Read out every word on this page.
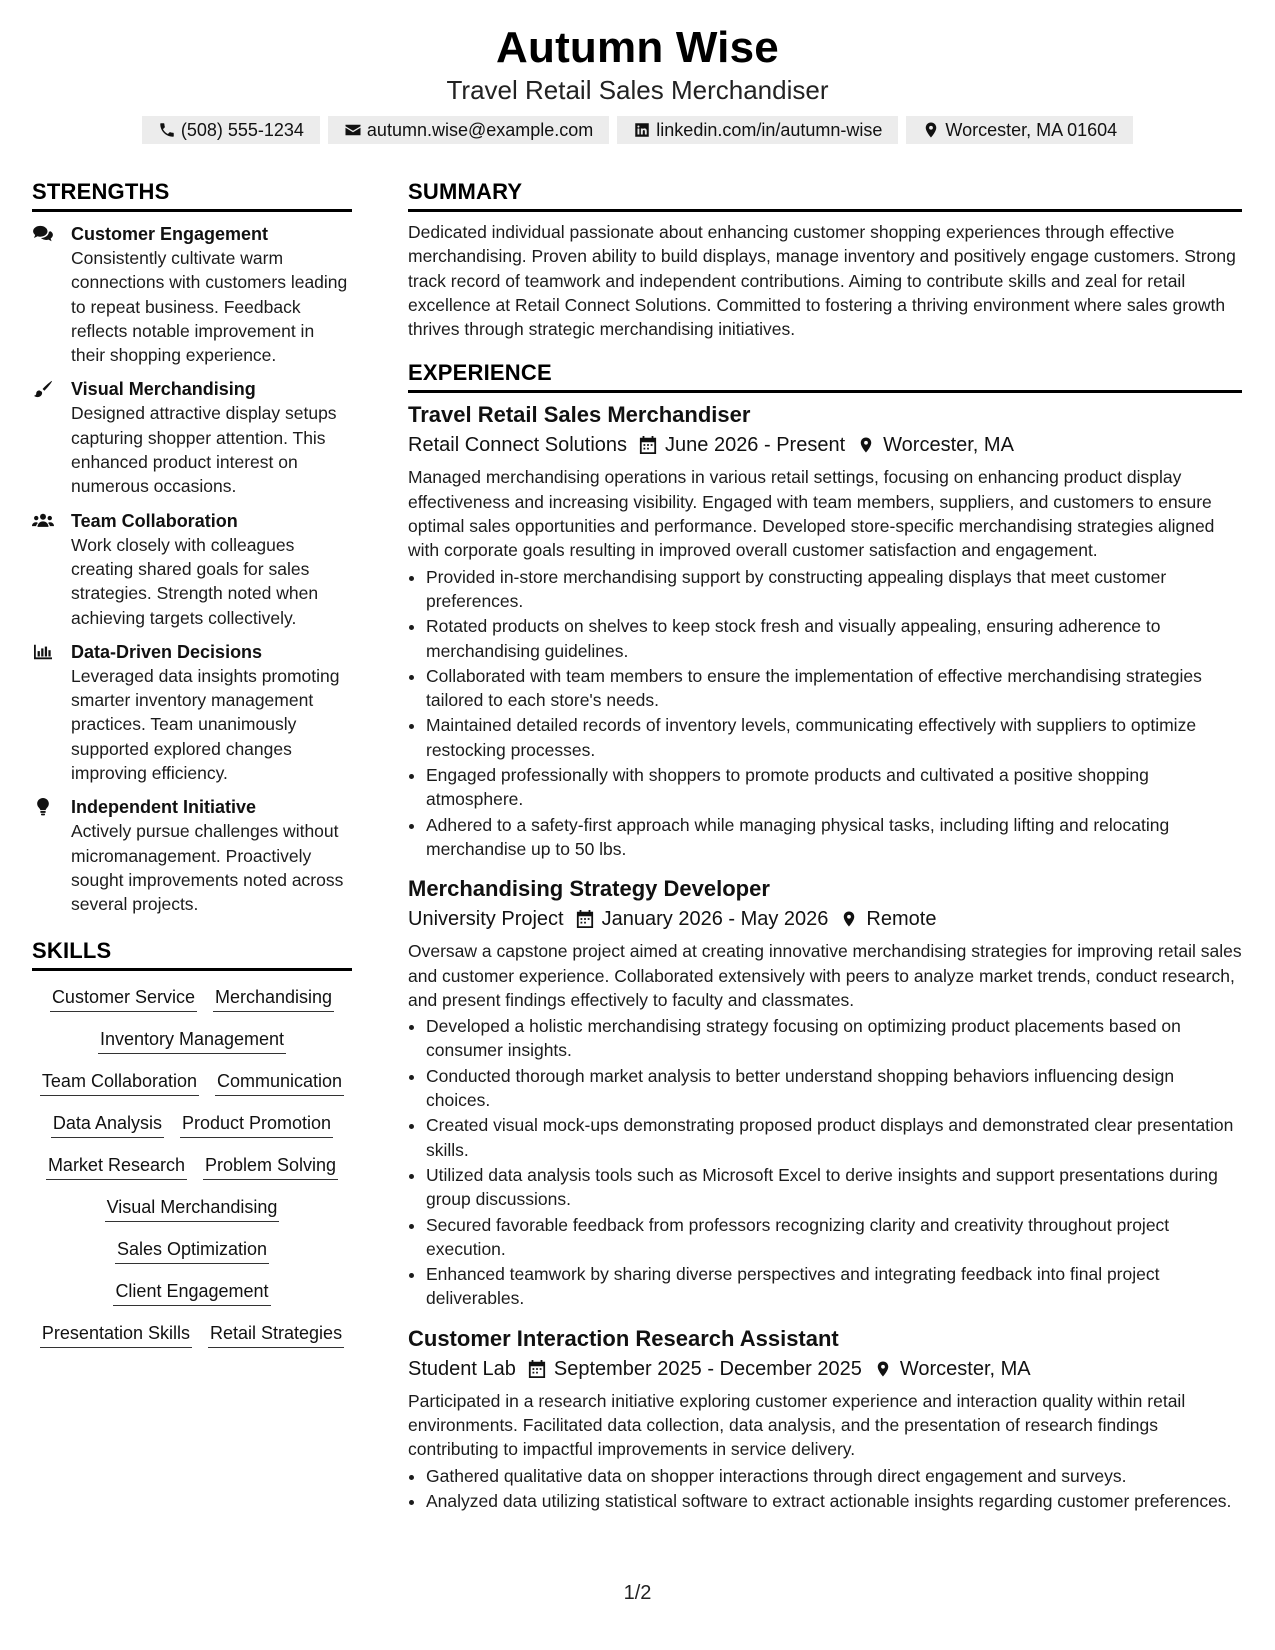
Autumn Wise
Travel Retail Sales Merchandiser
(508) 555-1234	autumn.wise@example.com	linkedin.com/in/autumn-wise	Worcester, MA 01604
STRENGTHS
Customer Engagement
Consistently cultivate warm connections with customers leading to repeat business. Feedback reflects notable improvement in their shopping experience.
Visual Merchandising
Designed attractive display setups capturing shopper attention. This enhanced product interest on numerous occasions.
Team Collaboration
Work closely with colleagues creating shared goals for sales strategies. Strength noted when achieving targets collectively.
Data-Driven Decisions
Leveraged data insights promoting smarter inventory management practices. Team unanimously supported explored changes improving efficiency.
Independent Initiative
Actively pursue challenges without micromanagement. Proactively sought improvements noted across several projects.
SKILLS
Customer Service Merchandising
Inventory Management
Team Collaboration Communication
Data Analysis Product Promotion
Market Research Problem Solving
Visual Merchandising
Sales Optimization
Client Engagement
Presentation Skills Retail Strategies
SUMMARY
Dedicated individual passionate about enhancing customer shopping experiences through effective merchandising. Proven ability to build displays, manage inventory and positively engage customers. Strong track record of teamwork and independent contributions. Aiming to contribute skills and zeal for retail excellence at Retail Connect Solutions. Committed to fostering a thriving environment where sales growth thrives through strategic merchandising initiatives.
EXPERIENCE
Travel Retail Sales Merchandiser
Retail Connect Solutions June 2026 - Present Worcester, MA
Managed merchandising operations in various retail settings, focusing on enhancing product display effectiveness and increasing visibility. Engaged with team members, suppliers, and customers to ensure optimal sales opportunities and performance. Developed store-specific merchandising strategies aligned with corporate goals resulting in improved overall customer satisfaction and engagement.
• Provided in-store merchandising support by constructing appealing displays that meet customer preferences.
• Rotated products on shelves to keep stock fresh and visually appealing, ensuring adherence to merchandising guidelines.
• Collaborated with team members to ensure the implementation of effective merchandising strategies tailored to each store's needs.
• Maintained detailed records of inventory levels, communicating effectively with suppliers to optimize restocking processes.
• Engaged professionally with shoppers to promote products and cultivated a positive shopping atmosphere.
• Adhered to a safety-first approach while managing physical tasks, including lifting and relocating merchandise up to 50 lbs.
Merchandising Strategy Developer
University Project January 2026 - May 2026 Remote
Oversaw a capstone project aimed at creating innovative merchandising strategies for improving retail sales and customer experience. Collaborated extensively with peers to analyze market trends, conduct research, and present findings effectively to faculty and classmates.
• Developed a holistic merchandising strategy focusing on optimizing product placements based on consumer insights.
• Conducted thorough market analysis to better understand shopping behaviors influencing design choices.
• Created visual mock-ups demonstrating proposed product displays and demonstrated clear presentation skills.
• Utilized data analysis tools such as Microsoft Excel to derive insights and support presentations during group discussions.
• Secured favorable feedback from professors recognizing clarity and creativity throughout project execution.
• Enhanced teamwork by sharing diverse perspectives and integrating feedback into final project deliverables.
Customer Interaction Research Assistant
Student Lab September 2025 - December 2025 Worcester, MA
Participated in a research initiative exploring customer experience and interaction quality within retail environments. Facilitated data collection, data analysis, and the presentation of research findings contributing to impactful improvements in service delivery.
• Gathered qualitative data on shopper interactions through direct engagement and surveys.
• Analyzed data utilizing statistical software to extract actionable insights regarding customer preferences.
1/2
